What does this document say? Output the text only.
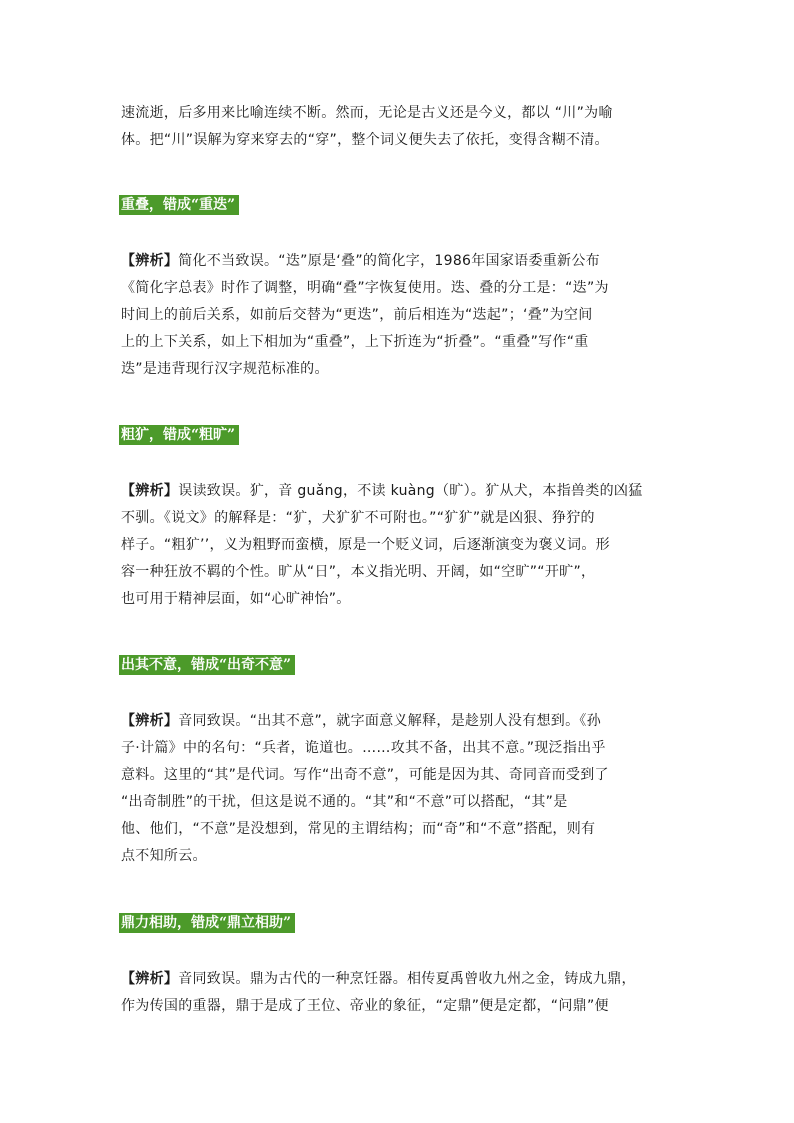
速流逝，后多用来比喻连续不断。然而，无论是古义还是今义，都以 “川”为喻
体。把“川”误解为穿来穿去的“穿”，整个词义便失去了依托，变得含糊不清。

重叠，错成“重迭”

【辨析】简化不当致误。“迭”原是‘叠”的简化字，1986年国家语委重新公布
《简化字总表》时作了调整，明确“叠”字恢复使用。迭、叠的分工是：“迭”为
时间上的前后关系，如前后交替为“更迭”，前后相连为“迭起”；‘叠”为空间
上的上下关系，如上下相加为“重叠”，上下折连为“折叠”。“重叠”写作“重
迭”是违背现行汉字规范标准的。

粗犷，错成“粗旷”

【辨析】误读致误。犷，音 guǎng，不读 kuàng（旷）。犷从犬，本指兽类的凶猛
不驯。《说文》的解释是：“犷，犬犷犷不可附也。”“犷犷”就是凶狠、狰狞的
样子。“粗犷’’，义为粗野而蛮横，原是一个贬义词，后逐渐演变为褒义词。形
容一种狂放不羁的个性。旷从“日”，本义指光明、开阔，如“空旷”“开旷”，
也可用于精神层面，如“心旷神怡”。

出其不意，错成“出奇不意”

【辨析】音同致误。“出其不意”，就字面意义解释，是趁别人没有想到。《孙
子·计篇》中的名句：“兵者，诡道也。……攻其不备，出其不意。”现泛指出乎
意料。这里的“其”是代词。写作“出奇不意”，可能是因为其、奇同音而受到了
“出奇制胜”的干扰，但这是说不通的。“其”和“不意”可以搭配，“其”是
他、他们，“不意”是没想到，常见的主谓结构；而“奇”和“不意”搭配，则有
点不知所云。

鼎力相助，错成“鼎立相助”

【辨析】音同致误。鼎为古代的一种烹饪器。相传夏禹曾收九州之金，铸成九鼎，
作为传国的重器，鼎于是成了王位、帝业的象征，“定鼎”便是定都，“问鼎”便
